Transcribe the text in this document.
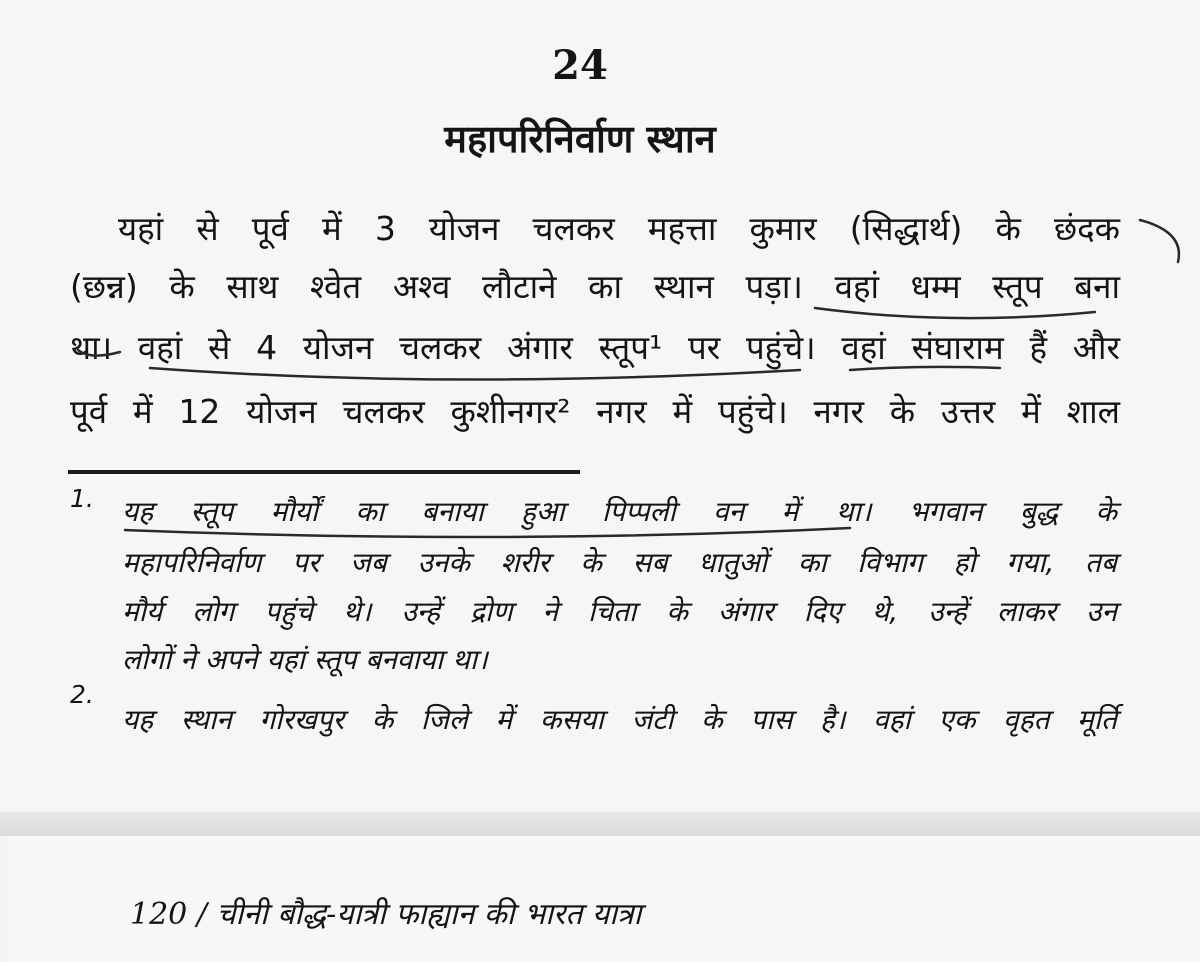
24
महापरिनिर्वाण स्थान
यहां से पूर्व में 3 योजन चलकर महत्ता कुमार (सिद्धार्थ) के छंदक
(छन्न) के साथ श्वेत अश्व लौटाने का स्थान पड़ा। वहां धम्म स्तूप बना
था। वहां से 4 योजन चलकर अंगार स्तूप¹ पर पहुंचे। वहां संघाराम हैं और
पूर्व में 12 योजन चलकर कुशीनगर² नगर में पहुंचे। नगर के उत्तर में शाल
1. यह स्तूप मौर्यों का बनाया हुआ पिप्पली वन में था। भगवान बुद्ध के
महापरिनिर्वाण पर जब उनके शरीर के सब धातुओं का विभाग हो गया, तब
मौर्य लोग पहुंचे थे। उन्हें द्रोण ने चिता के अंगार दिए थे, उन्हें लाकर उन
लोगों ने अपने यहां स्तूप बनवाया था।
2.
यह स्थान गोरखपुर के जिले में कसया जंटी के पास है। वहां एक वृहत मूर्ति
120 / चीनी बौद्ध-यात्री फाह्यान की भारत यात्रा
